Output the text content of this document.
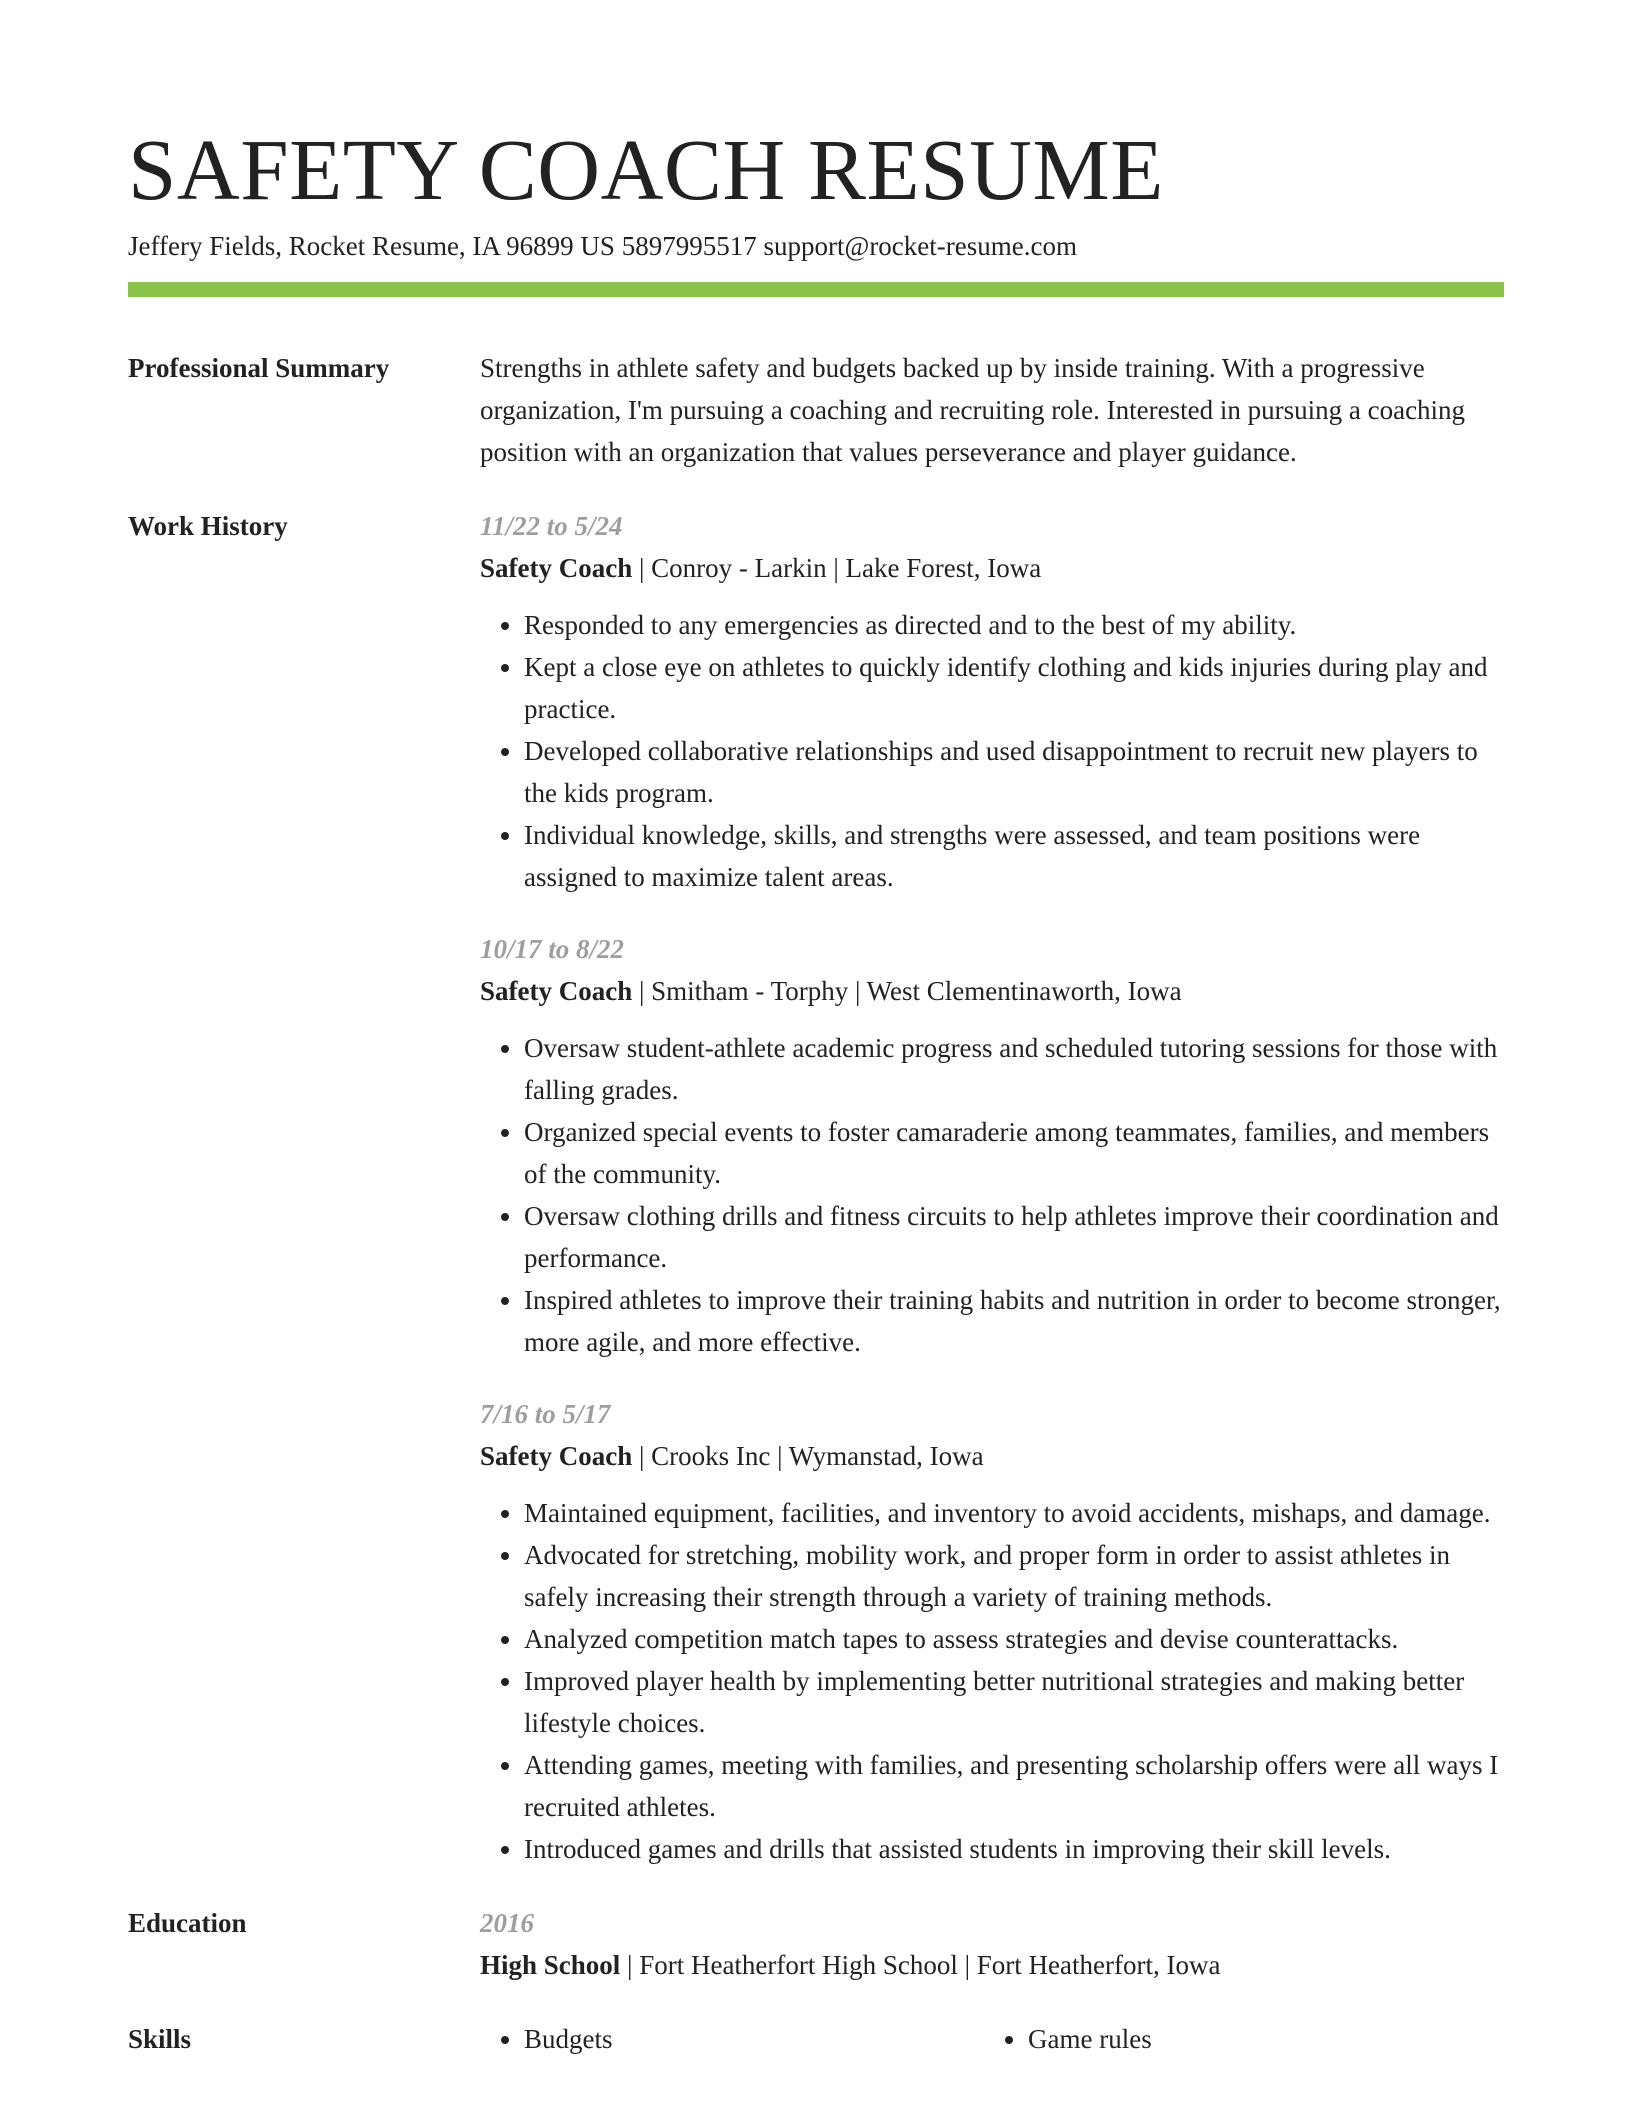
SAFETY COACH RESUME
Jeffery Fields, Rocket Resume, IA 96899 US 5897995517 support@rocket-resume.com
Professional Summary	Strengths in athlete safety and budgets backed up by inside training. With a progressive organization, I'm pursuing a coaching and recruiting role. Interested in pursuing a coaching position with an organization that values perseverance and player guidance.
Work History	11/22 to 5/24
Safety Coach | Conroy - Larkin | Lake Forest, Iowa
• Responded to any emergencies as directed and to the best of my ability.
• Kept a close eye on athletes to quickly identify clothing and kids injuries during play and practice.
• Developed collaborative relationships and used disappointment to recruit new players to the kids program.
• Individual knowledge, skills, and strengths were assessed, and team positions were assigned to maximize talent areas.
10/17 to 8/22
Safety Coach | Smitham - Torphy | West Clementinaworth, Iowa
• Oversaw student-athlete academic progress and scheduled tutoring sessions for those with falling grades.
• Organized special events to foster camaraderie among teammates, families, and members of the community.
• Oversaw clothing drills and fitness circuits to help athletes improve their coordination and performance.
• Inspired athletes to improve their training habits and nutrition in order to become stronger, more agile, and more effective.
7/16 to 5/17
Safety Coach | Crooks Inc | Wymanstad, Iowa
• Maintained equipment, facilities, and inventory to avoid accidents, mishaps, and damage.
• Advocated for stretching, mobility work, and proper form in order to assist athletes in safely increasing their strength through a variety of training methods.
• Analyzed competition match tapes to assess strategies and devise counterattacks.
• Improved player health by implementing better nutritional strategies and making better lifestyle choices.
• Attending games, meeting with families, and presenting scholarship offers were all ways I recruited athletes.
• Introduced games and drills that assisted students in improving their skill levels.
Education	2016
High School | Fort Heatherfort High School | Fort Heatherfort, Iowa
Skills	• Budgets	• Game rules
